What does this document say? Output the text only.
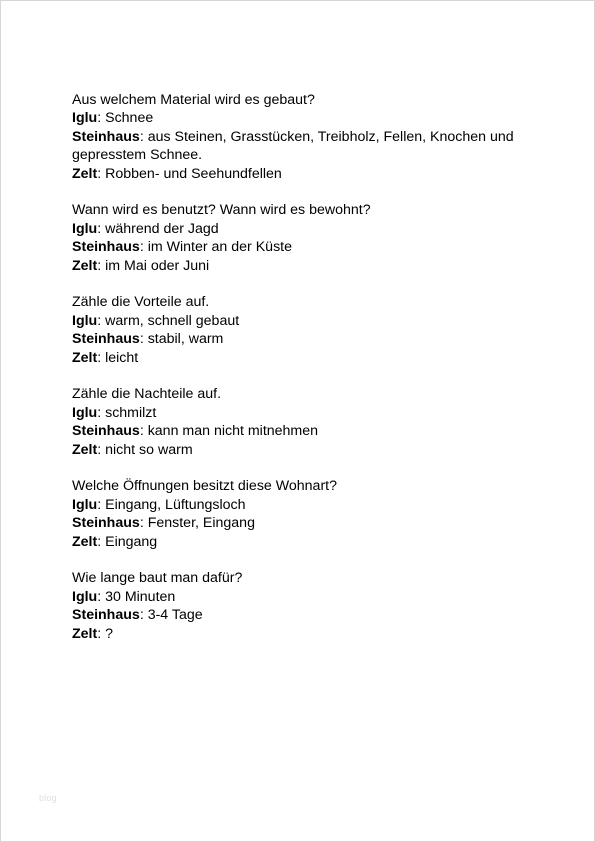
Aus welchem Material wird es gebaut?
Iglu: Schnee
Steinhaus: aus Steinen, Grasstücken, Treibholz, Fellen, Knochen und gepresstem Schnee.
Zelt: Robben- und Seehundfellen
Wann wird es benutzt? Wann wird es bewohnt?
Iglu: während der Jagd
Steinhaus: im Winter an der Küste
Zelt: im Mai oder Juni
Zähle die Vorteile auf.
Iglu: warm, schnell gebaut
Steinhaus: stabil, warm
Zelt: leicht
Zähle die Nachteile auf.
Iglu: schmilzt
Steinhaus: kann man nicht mitnehmen
Zelt: nicht so warm
Welche Öffnungen besitzt diese Wohnart?
Iglu: Eingang, Lüftungsloch
Steinhaus: Fenster, Eingang
Zelt: Eingang
Wie lange baut man dafür?
Iglu: 30 Minuten
Steinhaus: 3-4 Tage
Zelt: ?
blog
